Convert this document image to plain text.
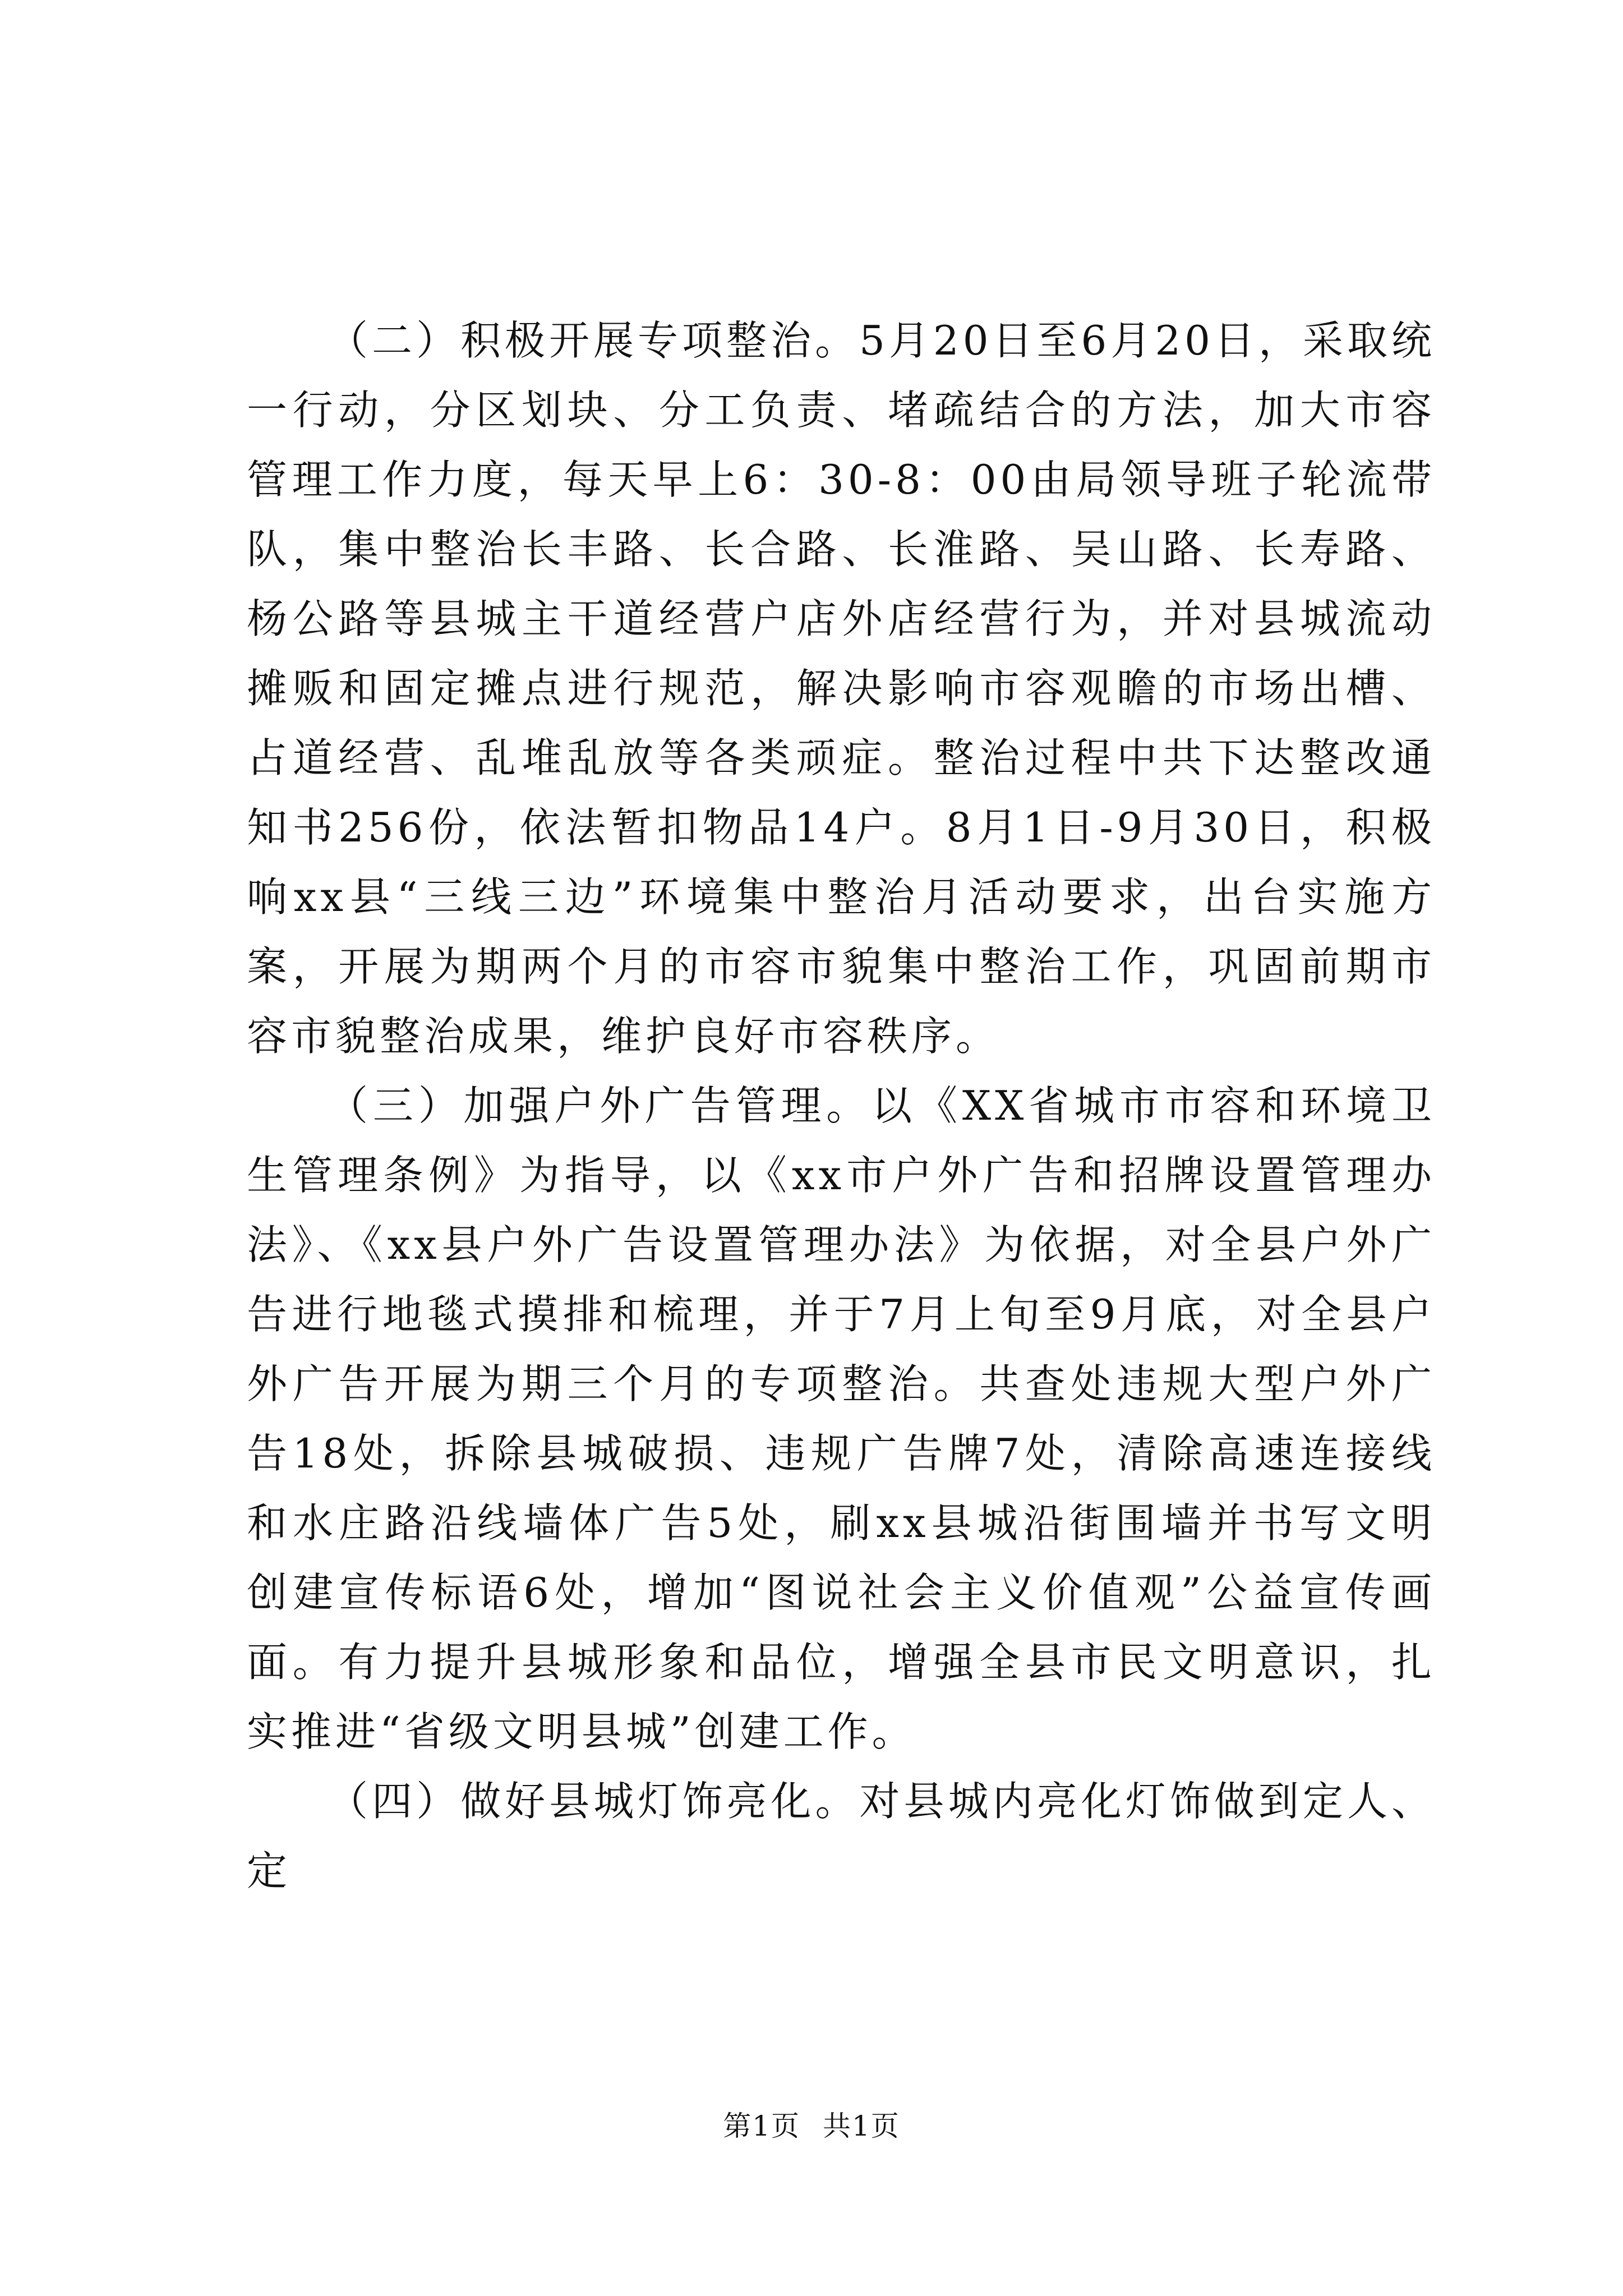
（二）积极开展专项整治。5月20日至6月20日，采取统一行动，分区划块、分工负责、堵疏结合的方法，加大市容管理工作力度，每天早上6：30-8：00由局领导班子轮流带队，集中整治长丰路、长合路、长淮路、吴山路、长寿路、杨公路等县城主干道经营户店外店经营行为，并对县城流动摊贩和固定摊点进行规范，解决影响市容观瞻的市场出槽、占道经营、乱堆乱放等各类顽症。整治过程中共下达整改通知书256份，依法暂扣物品14户。8月1日-9月30日，积极响xx县“三线三边”环境集中整治月活动要求，出台实施方案，开展为期两个月的市容市貌集中整治工作，巩固前期市容市貌整治成果，维护良好市容秩序。

（三）加强户外广告管理。以《XX省城市市容和环境卫生管理条例》为指导，以《xx市户外广告和招牌设置管理办法》、《xx县户外广告设置管理办法》为依据，对全县户外广告进行地毯式摸排和梳理，并于7月上旬至9月底，对全县户外广告开展为期三个月的专项整治。共查处违规大型户外广告18处，拆除县城破损、违规广告牌7处，清除高速连接线和水庄路沿线墙体广告5处，刷xx县城沿街围墙并书写文明创建宣传标语6处，增加“图说社会主义价值观”公益宣传画面。有力提升县城形象和品位，增强全县市民文明意识，扎实推进“省级文明县城”创建工作。

（四）做好县城灯饰亮化。对县城内亮化灯饰做到定人、定

第1页 共1页
